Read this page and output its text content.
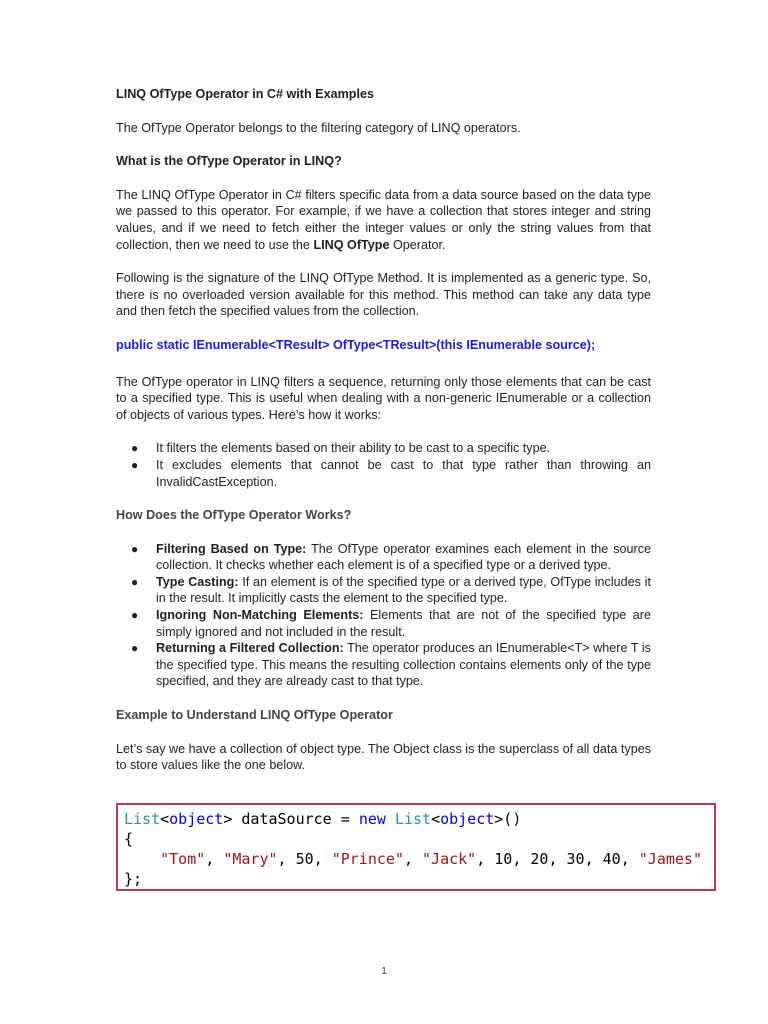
LINQ OfType Operator in C# with Examples

The OfType Operator belongs to the filtering category of LINQ operators.

What is the OfType Operator in LINQ?

The LINQ OfType Operator in C# filters specific data from a data source based on the data type we passed to this operator. For example, if we have a collection that stores integer and string values, and if we need to fetch either the integer values or only the string values from that collection, then we need to use the LINQ OfType Operator.

Following is the signature of the LINQ OfType Method. It is implemented as a generic type. So, there is no overloaded version available for this method. This method can take any data type and then fetch the specified values from the collection.

public static IEnumerable<TResult> OfType<TResult>(this IEnumerable source);

The OfType operator in LINQ filters a sequence, returning only those elements that can be cast to a specified type. This is useful when dealing with a non-generic IEnumerable or a collection of objects of various types. Here’s how it works:

● It filters the elements based on their ability to be cast to a specific type.
● It excludes elements that cannot be cast to that type rather than throwing an InvalidCastException.

How Does the OfType Operator Works?

● Filtering Based on Type: The OfType operator examines each element in the source collection. It checks whether each element is of a specified type or a derived type.
● Type Casting: If an element is of the specified type or a derived type, OfType includes it in the result. It implicitly casts the element to the specified type.
● Ignoring Non-Matching Elements: Elements that are not of the specified type are simply ignored and not included in the result.
● Returning a Filtered Collection: The operator produces an IEnumerable<T> where T is the specified type. This means the resulting collection contains elements only of the type specified, and they are already cast to that type.

Example to Understand LINQ OfType Operator

Let’s say we have a collection of object type. The Object class is the superclass of all data types to store values like the one below.

List<object> dataSource = new List<object>()
{
"Tom", "Mary", 50, "Prince", "Jack", 10, 20, 30, 40, "James"
};
1
